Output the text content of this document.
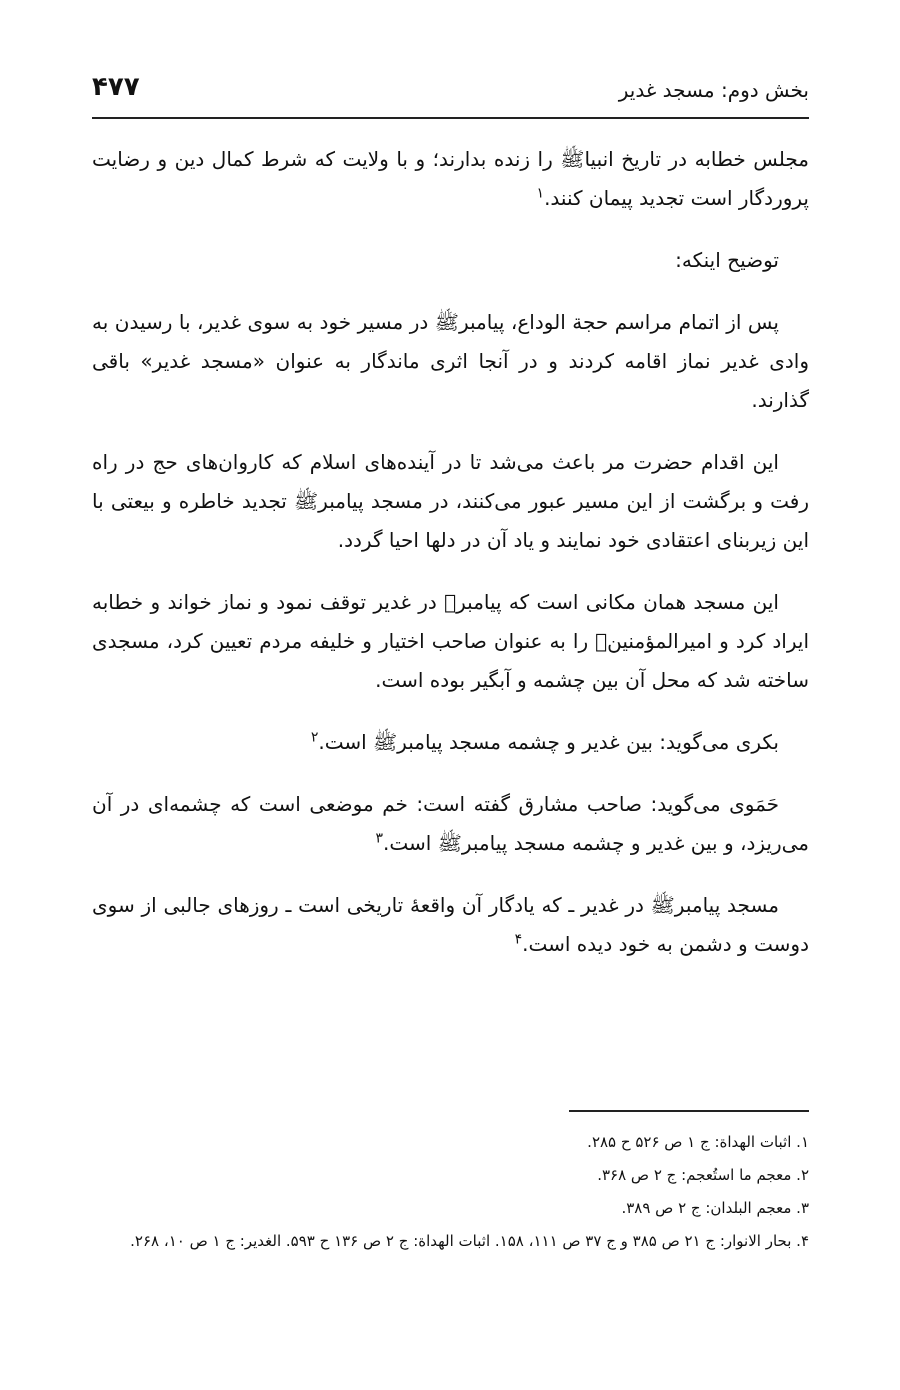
بخش دوم: مسجد غدیر
۴۷۷

مجلس خطابه در تاریخ انبیاﷺ را زنده بدارند؛ و با ولایت که شرط کمال دین و رضایت پروردگار است تجدید پیمان کنند.$^۱$

توضیح اینکه:

پس از اتمام مراسم حجة الوداع، پیامبرﷺ در مسیر خود به سوی غدیر، با رسیدن به وادی غدیر نماز اقامه کردند و در آنجا اثری ماندگار به عنوان «مسجد غدیر» باقی گذارند.

این اقدام حضرت مر باعث می‌شد تا در آینده‌های اسلام که کاروان‌های حج در راه رفت و برگشت از این مسیر عبور می‌کنند، در مسجد پیامبرﷺ تجدید خاطره و بیعتی با این زیربنای اعتقادی خود نمایند و یاد آن در دلها احیا گردد.

این مسجد همان مکانی است که پیامبرﷺ در غدیر توقف نمود و نماز خواند و خطابه ایراد کرد و امیرالمؤمنینؑ را به عنوان صاحب اختیار و خلیفه مردم تعیین کرد، مسجدی ساخته شد که محل آن بین چشمه و آبگیر بوده است.

بکری می‌گوید: بین غدیر و چشمه مسجد پیامبرﷺ است.$^۲$

حَمَوی می‌گوید: صاحب مشارق گفته است: خم موضعی است که چشمه‌ای در آن می‌ریزد، و بین غدیر و چشمه مسجد پیامبرﷺ است.$^۳$

مسجد پیامبرﷺ در غدیر ـ که یادگار آن واقعهٔ تاریخی است ـ روزهای جالبی از سوی دوست و دشمن به خود دیده است.$^۴$

۱. اثبات الهداة: ج ۱ ص ۵۲۶ ح ۲۸۵.

۲. معجم ما استُعجم: ج ۲ ص ۳۶۸.

۳. معجم البلدان: ج ۲ ص ۳۸۹.

۴. بحار الانوار: ج ۲۱ ص ۳۸۵ و ج ۳۷ ص ۱۱۱، ۱۵۸. اثبات الهداة: ج ۲ ص ۱۳۶ ح ۵۹۳. الغدیر: ج ۱ ص ۱۰، ۲۶۸.
